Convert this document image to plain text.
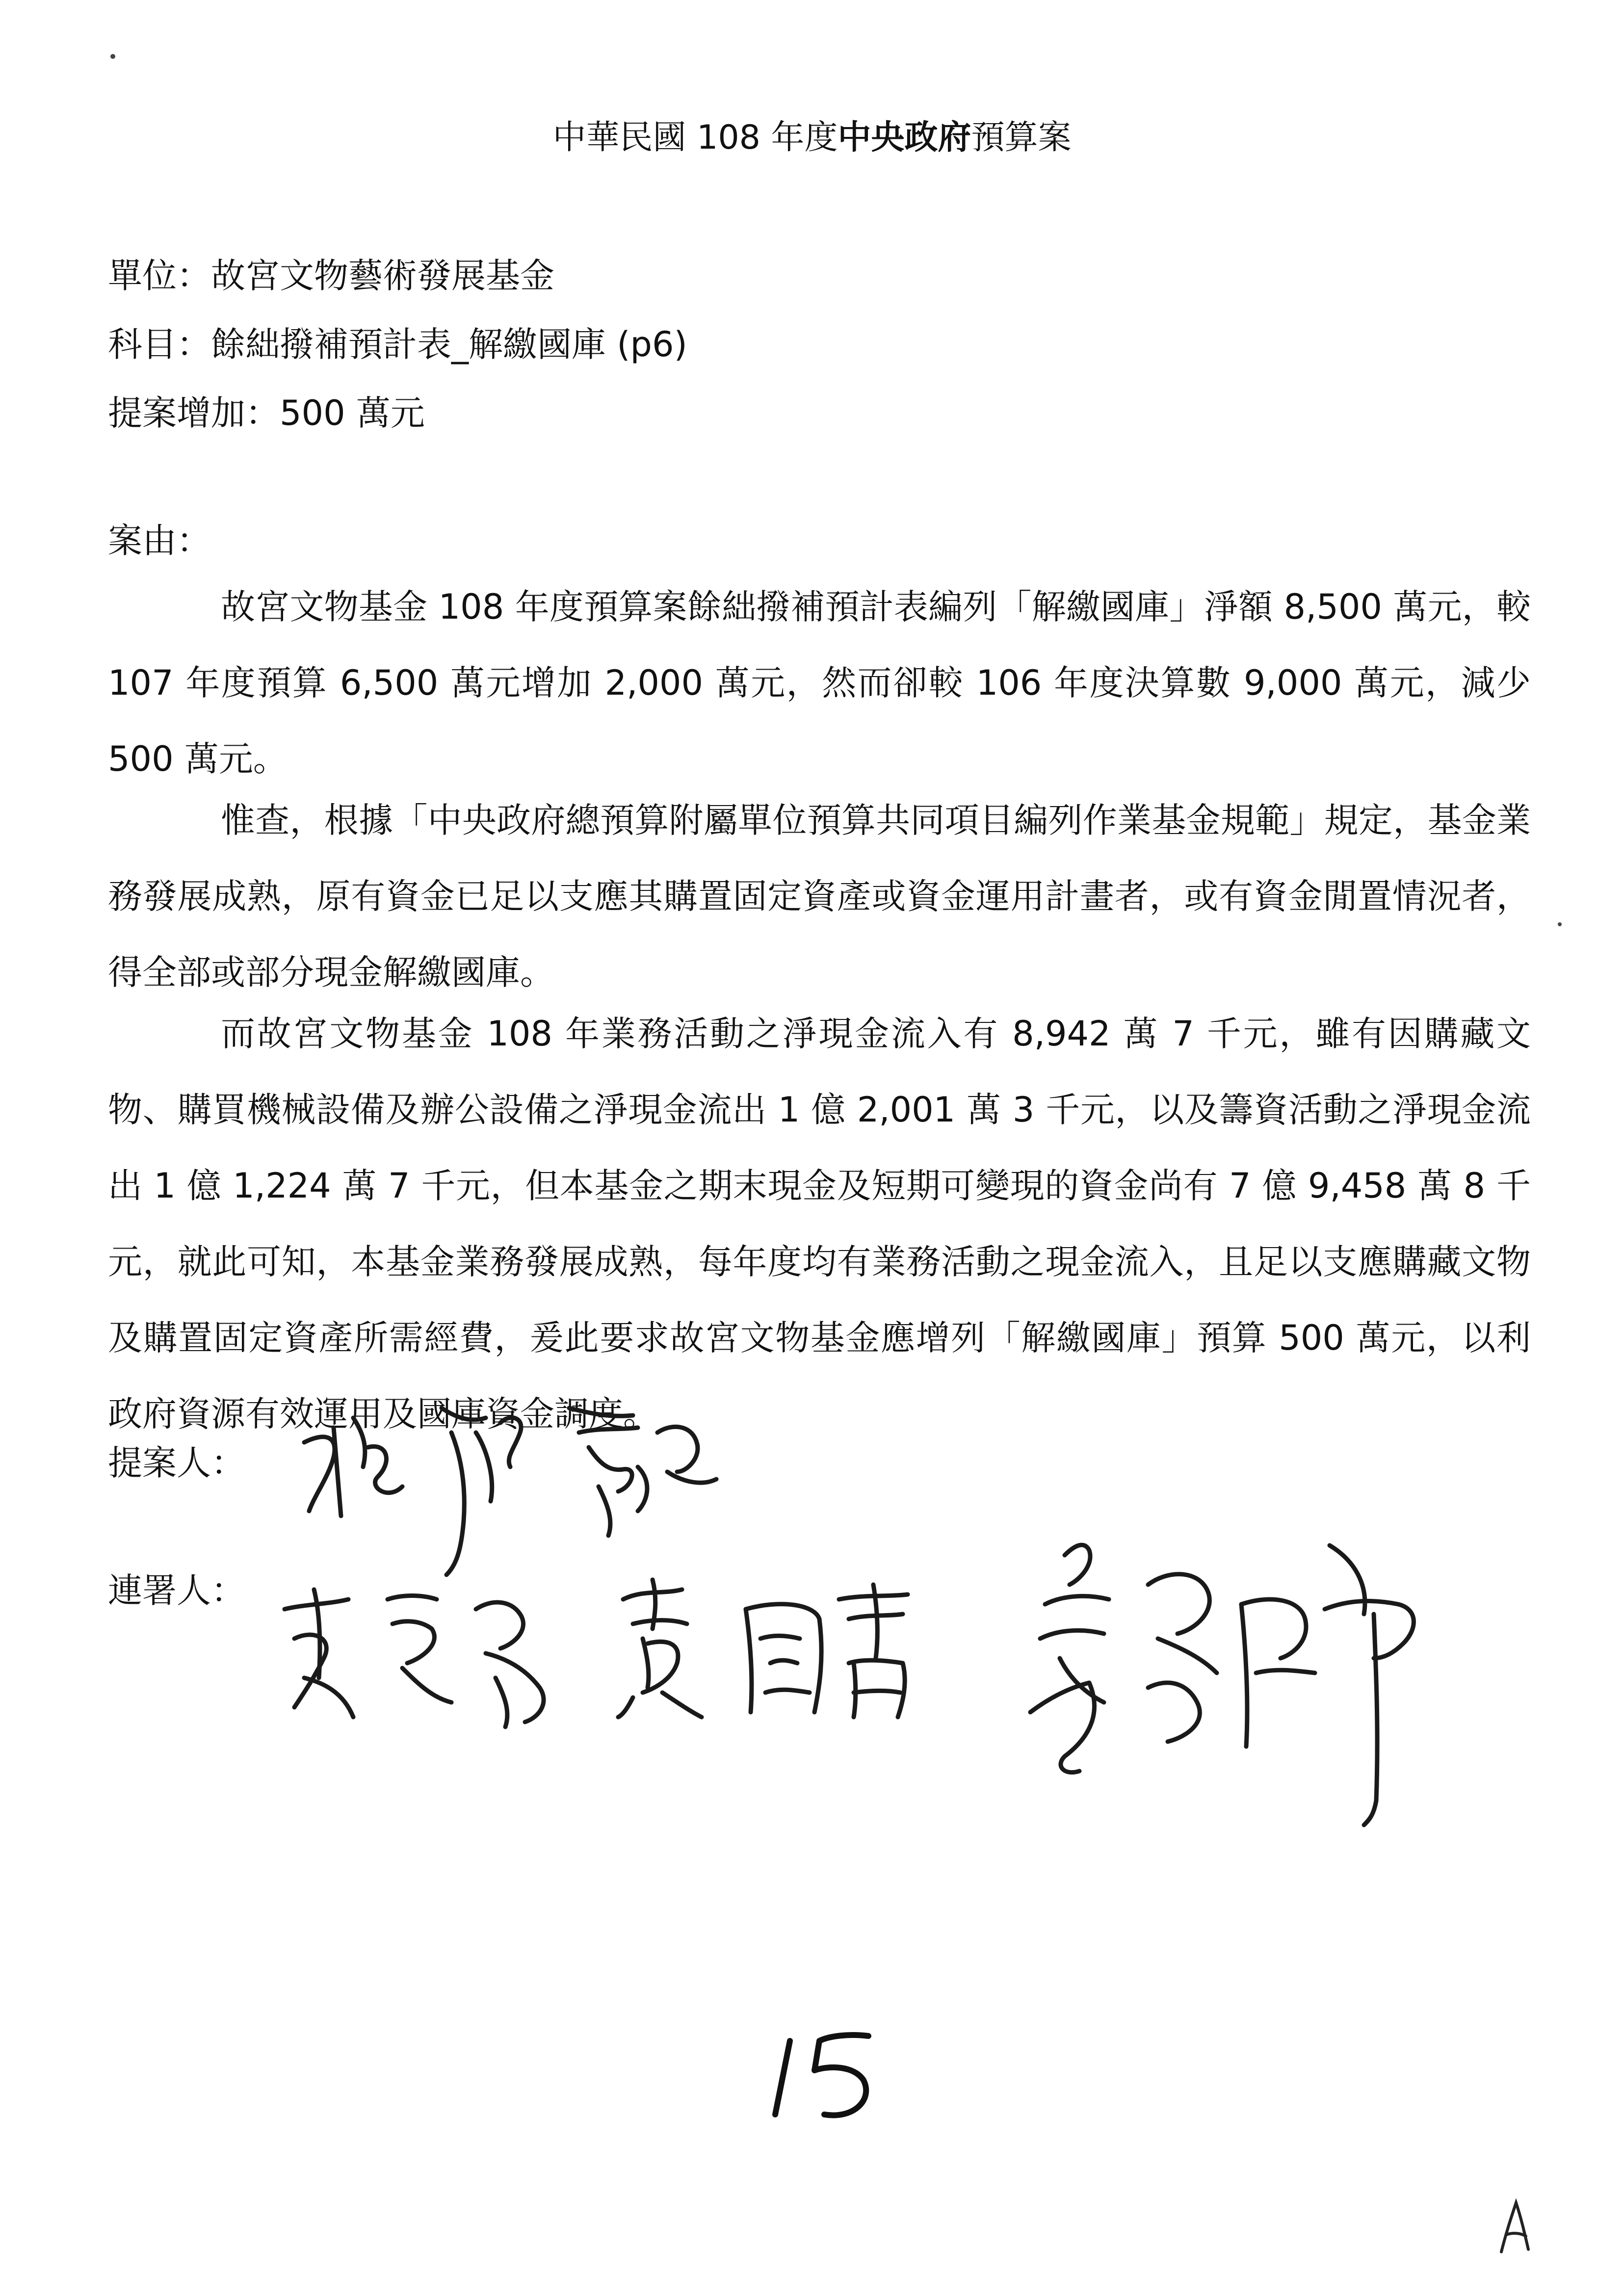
中華民國 108 年度中央政府預算案
單位：故宮文物藝術發展基金
科目：餘絀撥補預計表_解繳國庫 (p6)
提案增加：500 萬元
案由：

故宮文物基金 108 年度預算案餘絀撥補預計表編列「解繳國庫」淨額 8,500 萬元，較 107 年度預算 6,500 萬元增加 2,000 萬元，然而卻較 106 年度決算數 9,000 萬元，減少 500 萬元。

惟查，根據「中央政府總預算附屬單位預算共同項目編列作業基金規範」規定，基金業務發展成熟，原有資金已足以支應其購置固定資產或資金運用計畫者，或有資金閒置情況者，得全部或部分現金解繳國庫。

而故宮文物基金 108 年業務活動之淨現金流入有 8,942 萬 7 千元，雖有因購藏文物、購買機械設備及辦公設備之淨現金流出 1 億 2,001 萬 3 千元，以及籌資活動之淨現金流出 1 億 1,224 萬 7 千元，但本基金之期末現金及短期可變現的資金尚有 7 億 9,458 萬 8 千元，就此可知，本基金業務發展成熟，每年度均有業務活動之現金流入，且足以支應購藏文物及購置固定資產所需經費，爰此要求故宮文物基金應增列「解繳國庫」預算 500 萬元，以利政府資源有效運用及國庫資金調度。

提案人：
連署人：
